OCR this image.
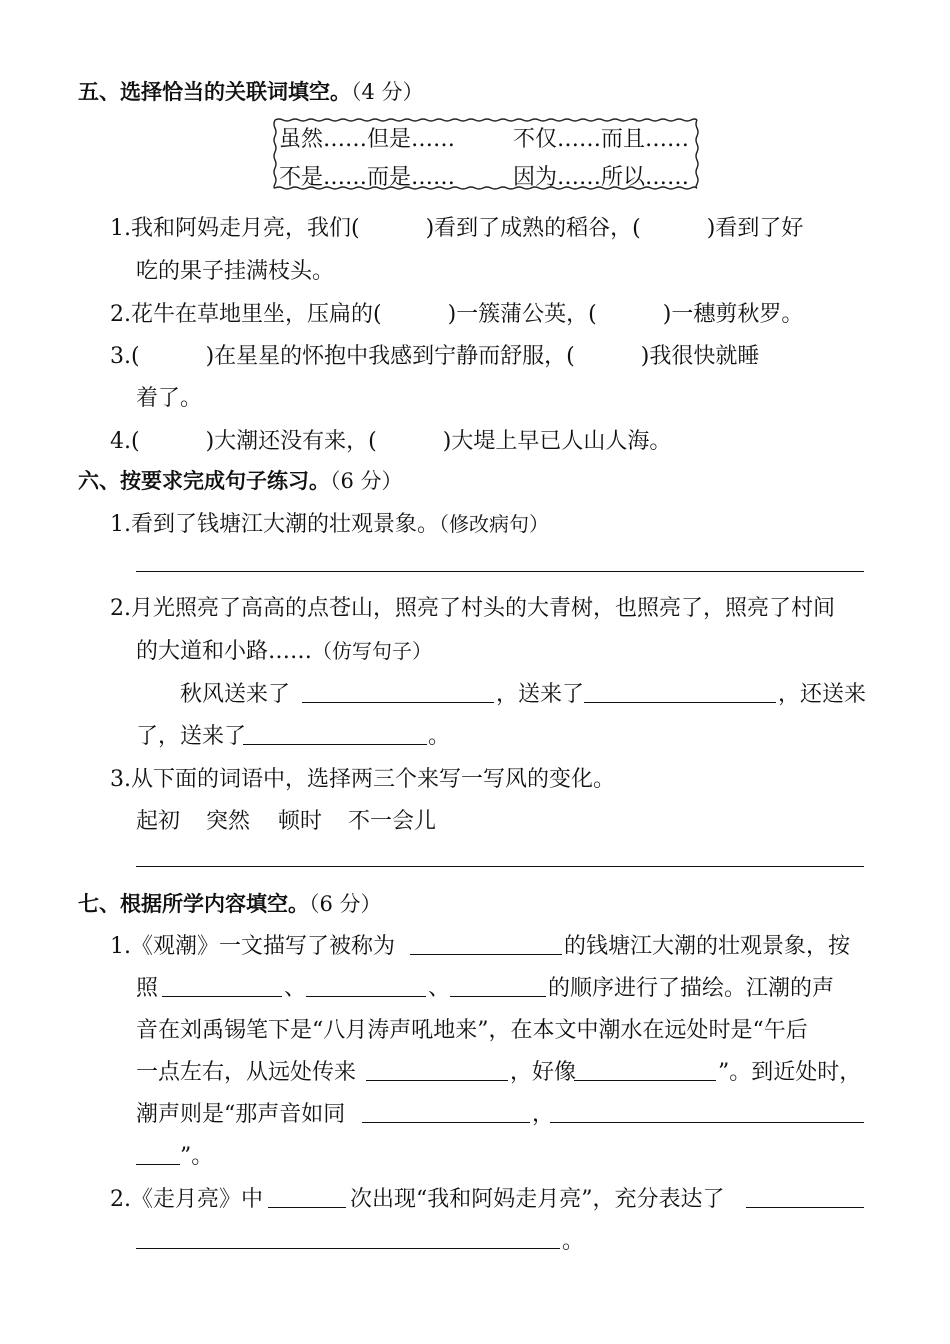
五、选择恰当的关联词填空。（4 分）
虽然……但是……	不仅……而且……
不是……而是……	因为……所以……
1.我和阿妈走月亮，我们(	)看到了成熟的稻谷，(	)看到了好
吃的果子挂满枝头。
2.花牛在草地里坐，压扁的(	)一簇蒲公英，(	)一穗剪秋罗。
3.(	)在星星的怀抱中我感到宁静而舒服，(	)我很快就睡
着了。
4.(	)大潮还没有来，(	)大堤上早已人山人海。
六、按要求完成句子练习。（6 分）
1.看到了钱塘江大潮的壮观景象。（修改病句）
2.月光照亮了高高的点苍山，照亮了村头的大青树，也照亮了，照亮了村间
的大道和小路……（仿写句子）
秋风送来了	，送来了	，还送来
了，送来了	。
3.从下面的词语中，选择两三个来写一写风的变化。
起初 突然 顿时 不一会儿
七、根据所学内容填空。（6 分）
1.《观潮》一文描写了被称为	的钱塘江大潮的壮观景象，按
照	、	、	的顺序进行了描绘。江潮的声
音在刘禹锡笔下是“八月涛声吼地来”，在本文中潮水在远处时是“午后
一点左右，从远处传来	，好像	”。到近处时，
潮声则是“那声音如同	，
”。
2.《走月亮》中	次出现“我和阿妈走月亮”，充分表达了
。
